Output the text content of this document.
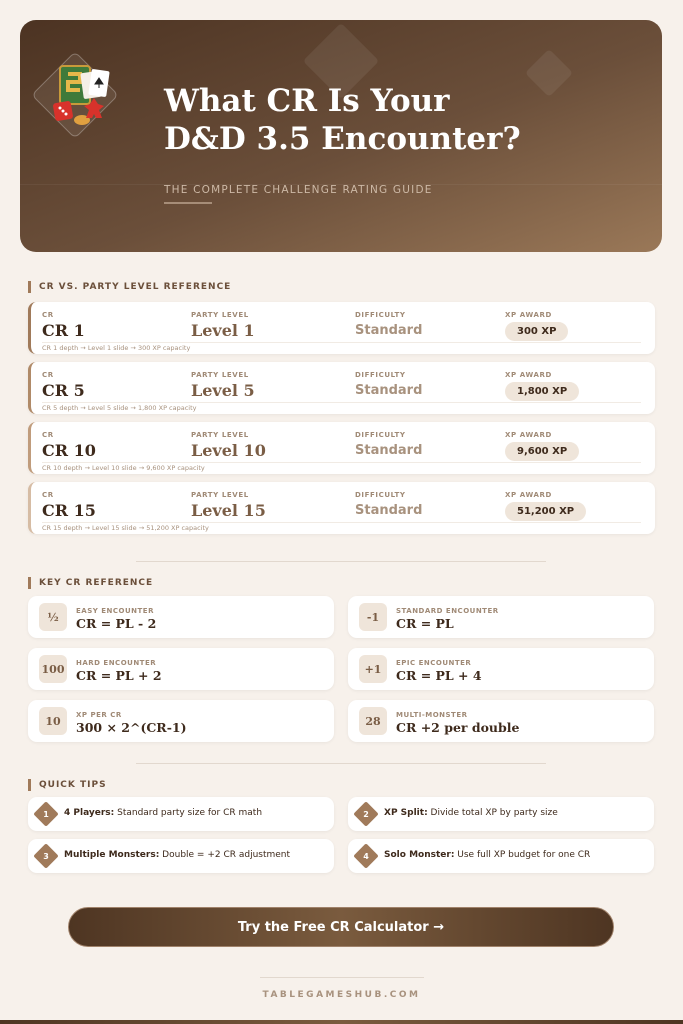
What CR Is Your
D&D 3.5 Encounter?
THE COMPLETE CHALLENGE RATING GUIDE
CR VS. PARTY LEVEL REFERENCE
CR
CR 1
PARTY LEVEL
Level 1
DIFFICULTY
Standard
XP AWARD
300 XP
CR 1 depth → Level 1 slide → 300 XP capacity
CR
CR 5
PARTY LEVEL
Level 5
DIFFICULTY
Standard
XP AWARD
1,800 XP
CR 5 depth → Level 5 slide → 1,800 XP capacity
CR
CR 10
PARTY LEVEL
Level 10
DIFFICULTY
Standard
XP AWARD
9,600 XP
CR 10 depth → Level 10 slide → 9,600 XP capacity
CR
CR 15
PARTY LEVEL
Level 15
DIFFICULTY
Standard
XP AWARD
51,200 XP
CR 15 depth → Level 15 slide → 51,200 XP capacity
KEY CR REFERENCE
½	EASY ENCOUNTER
CR = PL - 2	-1	STANDARD ENCOUNTER
CR = PL
100	HARD ENCOUNTER
CR = PL + 2	+1	EPIC ENCOUNTER
CR = PL + 4
10	XP PER CR
300 × 2^(CR-1)	28	MULTI-MONSTER
CR +2 per double
QUICK TIPS
1	4 Players: Standard party size for CR math	2	XP Split: Divide total XP by party size
3	Multiple Monsters: Double = +2 CR adjustment	4	Solo Monster: Use full XP budget for one CR
Try the Free CR Calculator →
TABLEGAMESHUB.COM
